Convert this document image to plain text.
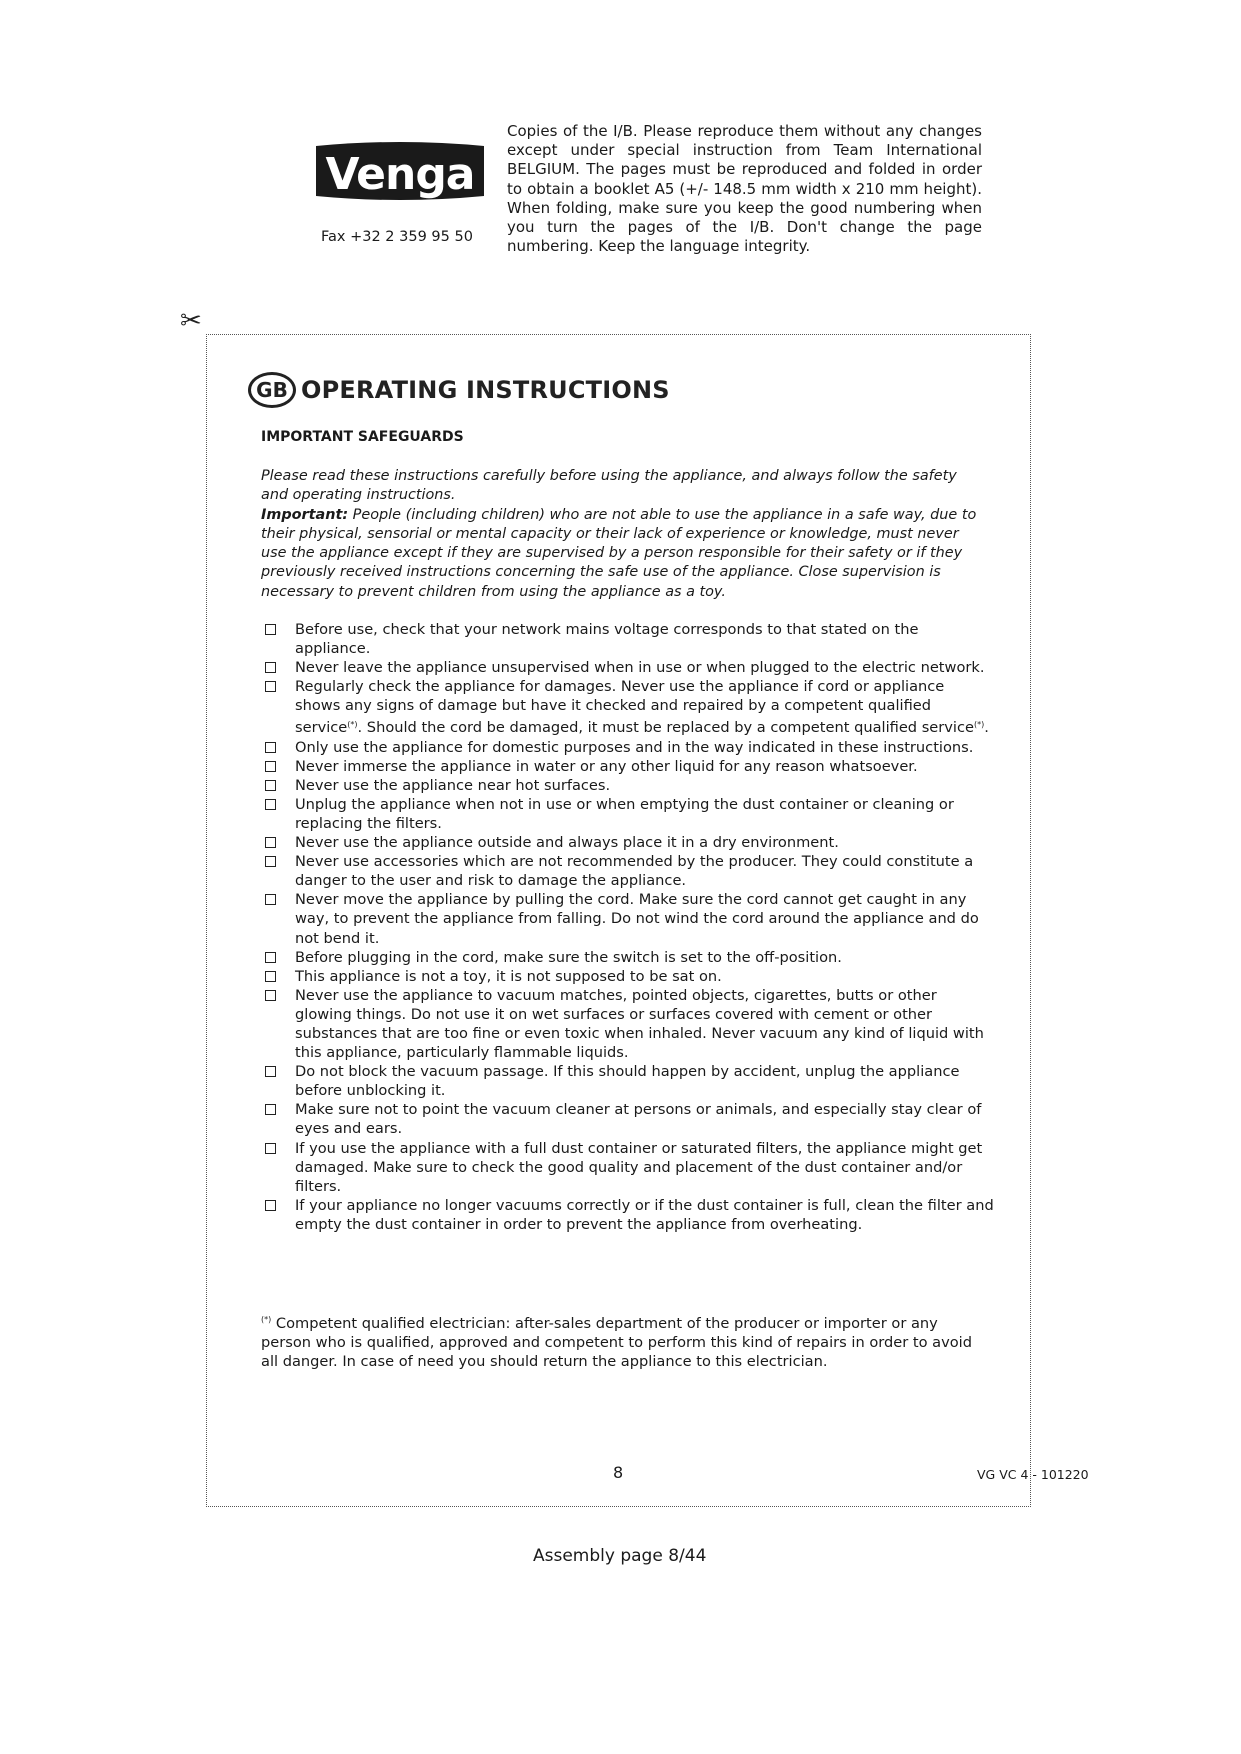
Venga
Fax +32 2 359 95 50
Copies of the I/B. Please reproduce them without any changes except under special instruction from Team International BELGIUM. The pages must be reproduced and folded in order to obtain a booklet A5 (+/- 148.5 mm width x 210 mm height). When folding, make sure you keep the good numbering when you turn the pages of the I/B. Don't change the page numbering. Keep the language integrity.
✂
GB OPERATING INSTRUCTIONS
IMPORTANT SAFEGUARDS
Please read these instructions carefully before using the appliance, and always follow the safety and operating instructions.
Important: People (including children) who are not able to use the appliance in a safe way, due to their physical, sensorial or mental capacity or their lack of experience or knowledge, must never use the appliance except if they are supervised by a person responsible for their safety or if they previously received instructions concerning the safe use of the appliance. Close supervision is necessary to prevent children from using the appliance as a toy.
Before use, check that your network mains voltage corresponds to that stated on the appliance.
Never leave the appliance unsupervised when in use or when plugged to the electric network.
Regularly check the appliance for damages. Never use the appliance if cord or appliance shows any signs of damage but have it checked and repaired by a competent qualified service(*). Should the cord be damaged, it must be replaced by a competent qualified service(*).
Only use the appliance for domestic purposes and in the way indicated in these instructions.
Never immerse the appliance in water or any other liquid for any reason whatsoever.
Never use the appliance near hot surfaces.
Unplug the appliance when not in use or when emptying the dust container or cleaning or replacing the filters.
Never use the appliance outside and always place it in a dry environment.
Never use accessories which are not recommended by the producer. They could constitute a danger to the user and risk to damage the appliance.
Never move the appliance by pulling the cord. Make sure the cord cannot get caught in any way, to prevent the appliance from falling. Do not wind the cord around the appliance and do not bend it.
Before plugging in the cord, make sure the switch is set to the off-position.
This appliance is not a toy, it is not supposed to be sat on.
Never use the appliance to vacuum matches, pointed objects, cigarettes, butts or other glowing things. Do not use it on wet surfaces or surfaces covered with cement or other substances that are too fine or even toxic when inhaled. Never vacuum any kind of liquid with this appliance, particularly flammable liquids.
Do not block the vacuum passage. If this should happen by accident, unplug the appliance before unblocking it.
Make sure not to point the vacuum cleaner at persons or animals, and especially stay clear of eyes and ears.
If you use the appliance with a full dust container or saturated filters, the appliance might get damaged. Make sure to check the good quality and placement of the dust container and/or filters.
If your appliance no longer vacuums correctly or if the dust container is full, clean the filter and empty the dust container in order to prevent the appliance from overheating.
(*) Competent qualified electrician: after-sales department of the producer or importer or any person who is qualified, approved and competent to perform this kind of repairs in order to avoid all danger. In case of need you should return the appliance to this electrician.
8	VG VC 4 - 101220
Assembly page 8/44
